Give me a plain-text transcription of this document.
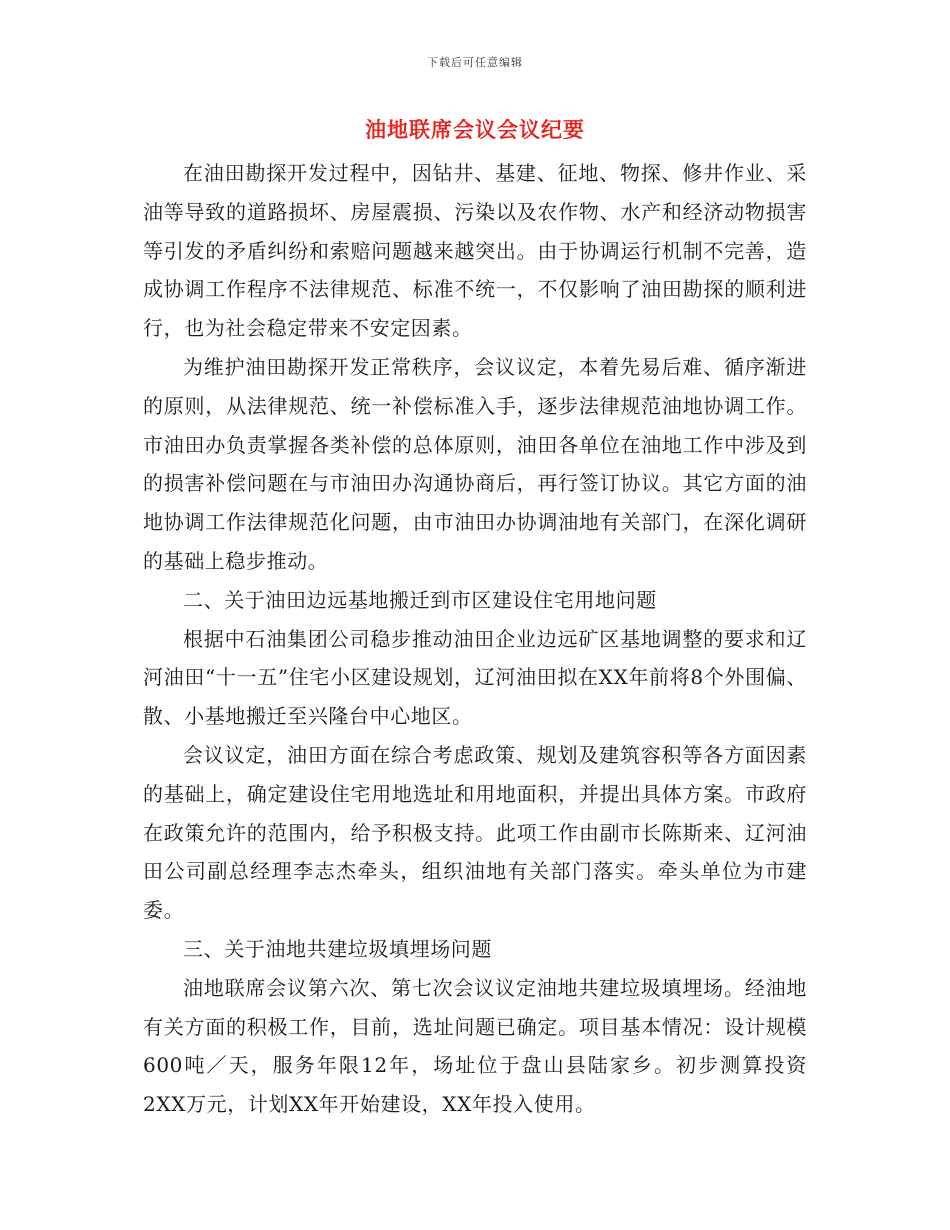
下载后可任意编辑
油地联席会议会议纪要

在油田勘探开发过程中，因钻井、基建、征地、物探、修井作业、采油等导致的道路损坏、房屋震损、污染以及农作物、水产和经济动物损害等引发的矛盾纠纷和索赔问题越来越突出。由于协调运行机制不完善，造成协调工作程序不法律规范、标准不统一，不仅影响了油田勘探的顺利进行，也为社会稳定带来不安定因素。

为维护油田勘探开发正常秩序，会议议定，本着先易后难、循序渐进的原则，从法律规范、统一补偿标准入手，逐步法律规范油地协调工作。市油田办负责掌握各类补偿的总体原则，油田各单位在油地工作中涉及到的损害补偿问题在与市油田办沟通协商后，再行签订协议。其它方面的油地协调工作法律规范化问题，由市油田办协调油地有关部门，在深化调研的基础上稳步推动。

二、关于油田边远基地搬迁到市区建设住宅用地问题

根据中石油集团公司稳步推动油田企业边远矿区基地调整的要求和辽河油田“十一五”住宅小区建设规划，辽河油田拟在XX年前将8个外围偏、散、小基地搬迁至兴隆台中心地区。

会议议定，油田方面在综合考虑政策、规划及建筑容积等各方面因素的基础上，确定建设住宅用地选址和用地面积，并提出具体方案。市政府在政策允许的范围内，给予积极支持。此项工作由副市长陈斯来、辽河油田公司副总经理李志杰牵头，组织油地有关部门落实。牵头单位为市建委。

三、关于油地共建垃圾填埋场问题

油地联席会议第六次、第七次会议议定油地共建垃圾填埋场。经油地有关方面的积极工作，目前，选址问题已确定。项目基本情况：设计规模600吨／天，服务年限12年，场址位于盘山县陆家乡。初步测算投资2XX万元，计划XX年开始建设，XX年投入使用。
